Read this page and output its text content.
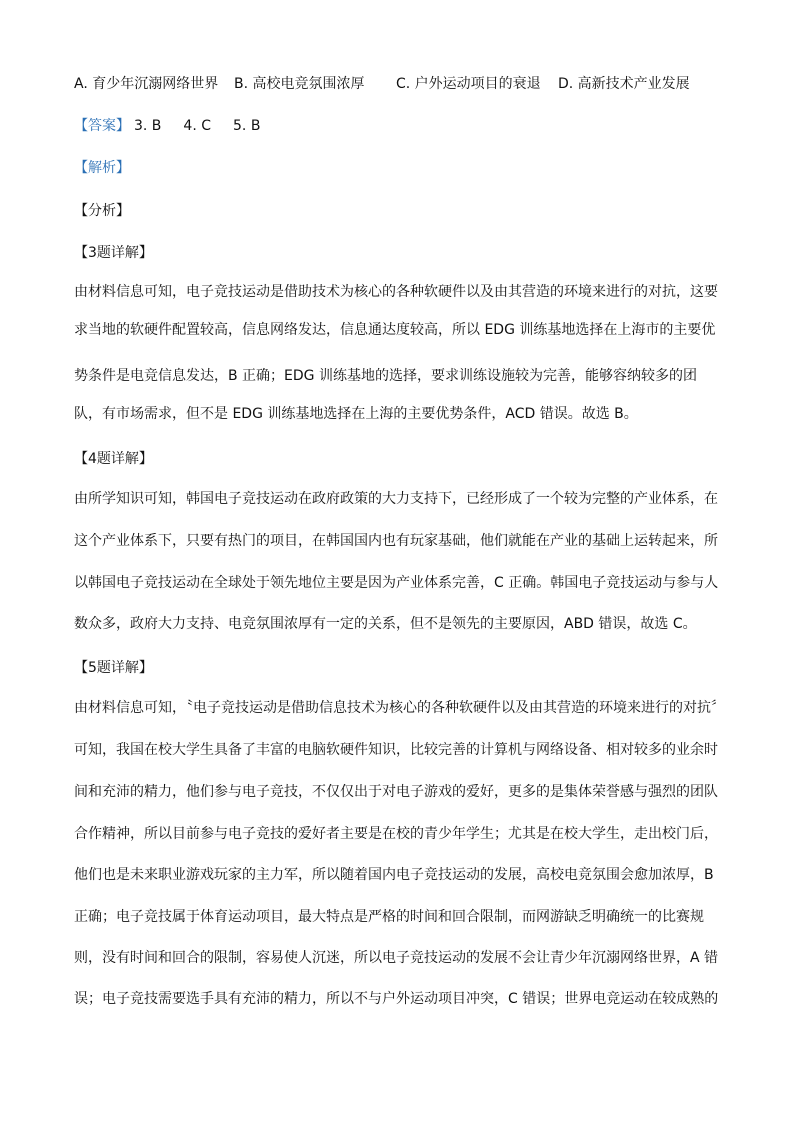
A. 育少年沉溺网络世界 B. 高校电竞氛围浓厚 C. 户外运动项目的衰退 D. 高新技术产业发展
【答案】 3. B 4. C 5. B
【解析】
【分析】
【3题详解】
由材料信息可知，电子竞技运动是借助技术为核心的各种软硬件以及由其营造的环境来进行的对抗，这要
求当地的软硬件配置较高，信息网络发达，信息通达度较高，所以 EDG 训练基地选择在上海市的主要优
势条件是电竞信息发达，B 正确；EDG 训练基地的选择，要求训练设施较为完善，能够容纳较多的团
队，有市场需求，但不是 EDG 训练基地选择在上海的主要优势条件，ACD 错误。故选 B。
【4题详解】
由所学知识可知，韩国电子竞技运动在政府政策的大力支持下，已经形成了一个较为完整的产业体系，在
这个产业体系下，只要有热门的项目，在韩国国内也有玩家基础，他们就能在产业的基础上运转起来，所
以韩国电子竞技运动在全球处于领先地位主要是因为产业体系完善，C 正确。韩国电子竞技运动与参与人
数众多，政府大力支持、电竞氛围浓厚有一定的关系，但不是领先的主要原因，ABD 错误，故选 C。
【5题详解】
由材料信息可知，〝电子竞技运动是借助信息技术为核心的各种软硬件以及由其营造的环境来进行的对抗〞
可知，我国在校大学生具备了丰富的电脑软硬件知识，比较完善的计算机与网络设备、相对较多的业余时
间和充沛的精力，他们参与电子竞技，不仅仅出于对电子游戏的爱好，更多的是集体荣誉感与强烈的团队
合作精神，所以目前参与电子竞技的爱好者主要是在校的青少年学生；尤其是在校大学生，走出校门后，
他们也是未来职业游戏玩家的主力军，所以随着国内电子竞技运动的发展，高校电竞氛围会愈加浓厚，B
正确；电子竞技属于体育运动项目，最大特点是严格的时间和回合限制，而网游缺乏明确统一的比赛规
则，没有时间和回合的限制，容易使人沉迷，所以电子竞技运动的发展不会让青少年沉溺网络世界，A 错
误；电子竞技需要选手具有充沛的精力，所以不与户外运动项目冲突，C 错误；世界电竞运动在较成熟的
